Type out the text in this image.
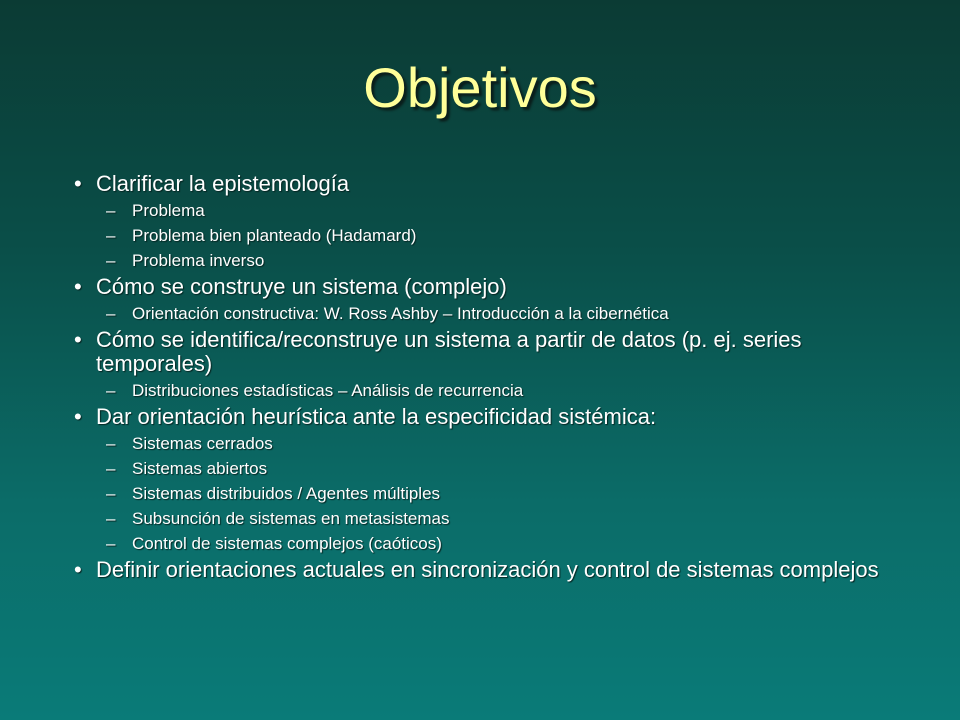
Objetivos
• Clarificar la epistemología
– Problema
– Problema bien planteado (Hadamard)
– Problema inverso
• Cómo se construye un sistema (complejo)
– Orientación constructiva: W. Ross Ashby – Introducción a la cibernética
• Cómo se identifica/reconstruye un sistema a partir de datos (p. ej. series temporales)
– Distribuciones estadísticas – Análisis de recurrencia
• Dar orientación heurística ante la especificidad sistémica:
– Sistemas cerrados
– Sistemas abiertos
– Sistemas distribuidos / Agentes múltiples
– Subsunción de sistemas en metasistemas
– Control de sistemas complejos (caóticos)
• Definir orientaciones actuales en sincronización y control de sistemas complejos
